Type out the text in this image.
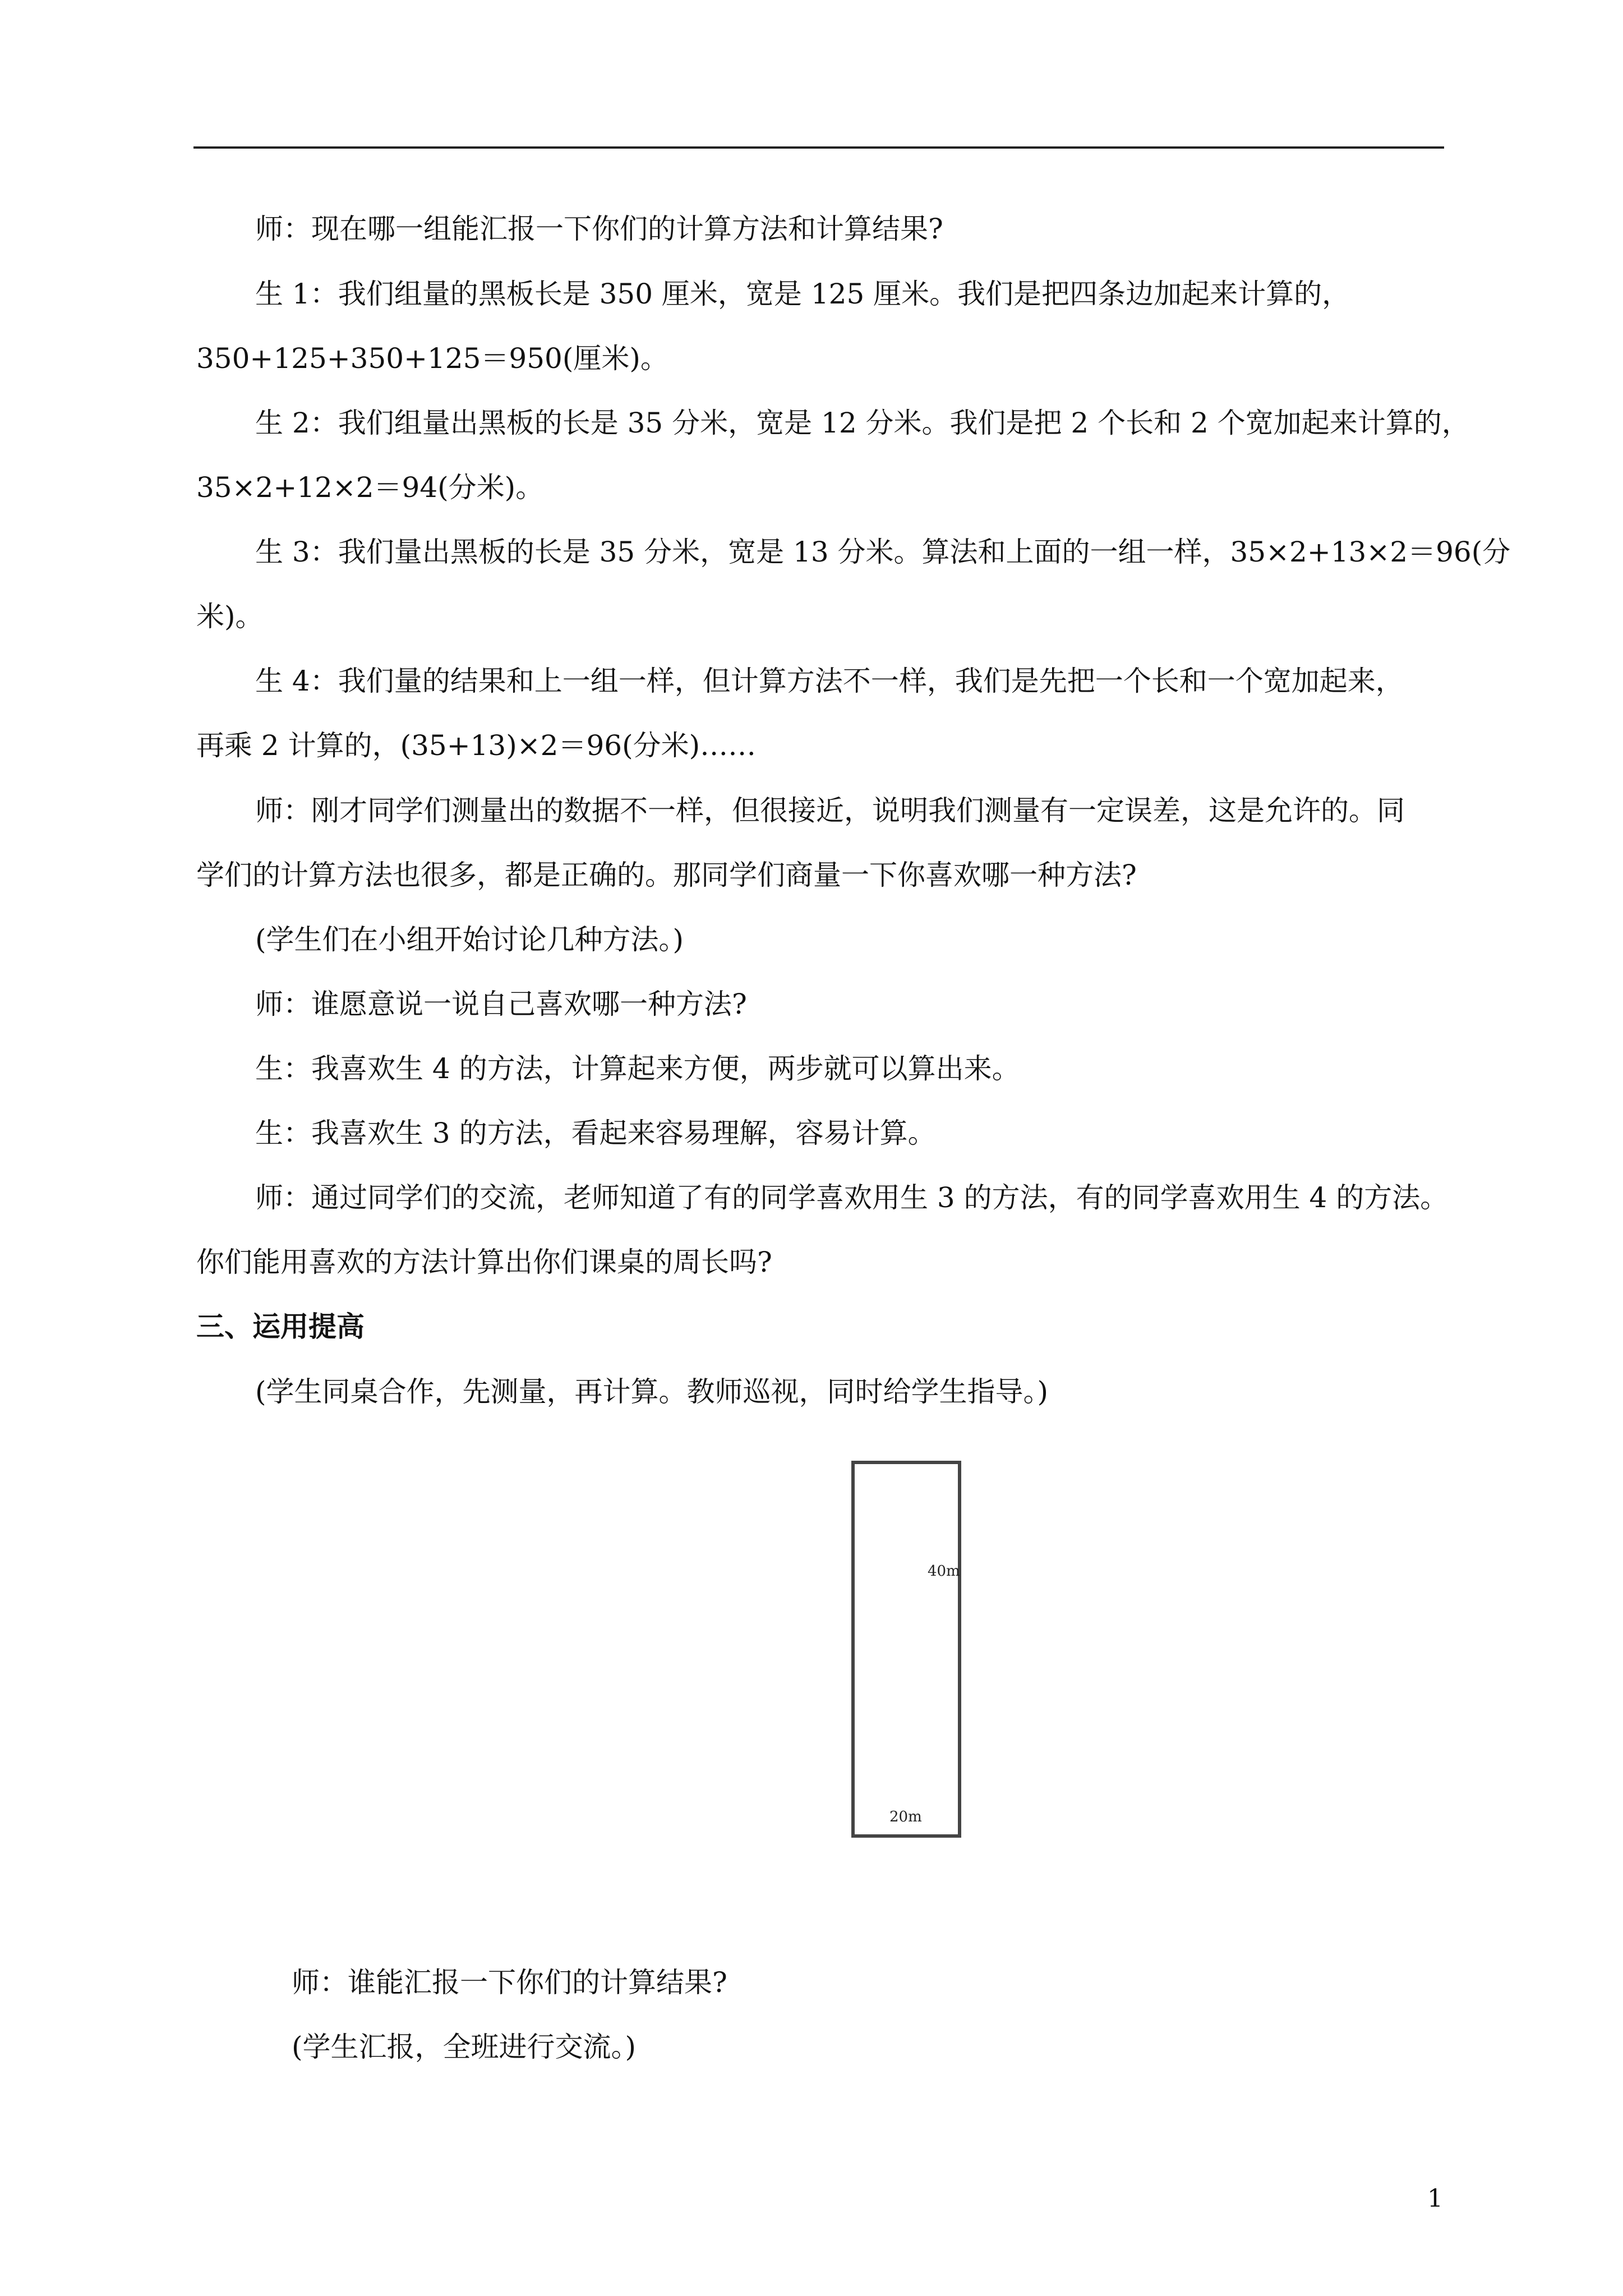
师：现在哪一组能汇报一下你们的计算方法和计算结果?

生 1：我们组量的黑板长是 350 厘米，宽是 125 厘米。我们是把四条边加起来计算的，

350+125+350+125＝950(厘米)。

生 2：我们组量出黑板的长是 35 分米，宽是 12 分米。我们是把 2 个长和 2 个宽加起来计算的，

35×2+12×2＝94(分米)。

生 3：我们量出黑板的长是 35 分米，宽是 13 分米。算法和上面的一组一样，35×2+13×2＝96(分

米)。

生 4：我们量的结果和上一组一样，但计算方法不一样，我们是先把一个长和一个宽加起来，

再乘 2 计算的，(35+13)×2＝96(分米)……

师：刚才同学们测量出的数据不一样，但很接近，说明我们测量有一定误差，这是允许的。同

学们的计算方法也很多，都是正确的。那同学们商量一下你喜欢哪一种方法?

(学生们在小组开始讨论几种方法。)

师：谁愿意说一说自己喜欢哪一种方法?

生：我喜欢生 4 的方法，计算起来方便，两步就可以算出来。

生：我喜欢生 3 的方法，看起来容易理解，容易计算。

师：通过同学们的交流，老师知道了有的同学喜欢用生 3 的方法，有的同学喜欢用生 4 的方法。

你们能用喜欢的方法计算出你们课桌的周长吗?

三、运用提高

(学生同桌合作，先测量，再计算。教师巡视，同时给学生指导。)

师：谁能汇报一下你们的计算结果?

(学生汇报，全班进行交流。)

40m
20m
1
